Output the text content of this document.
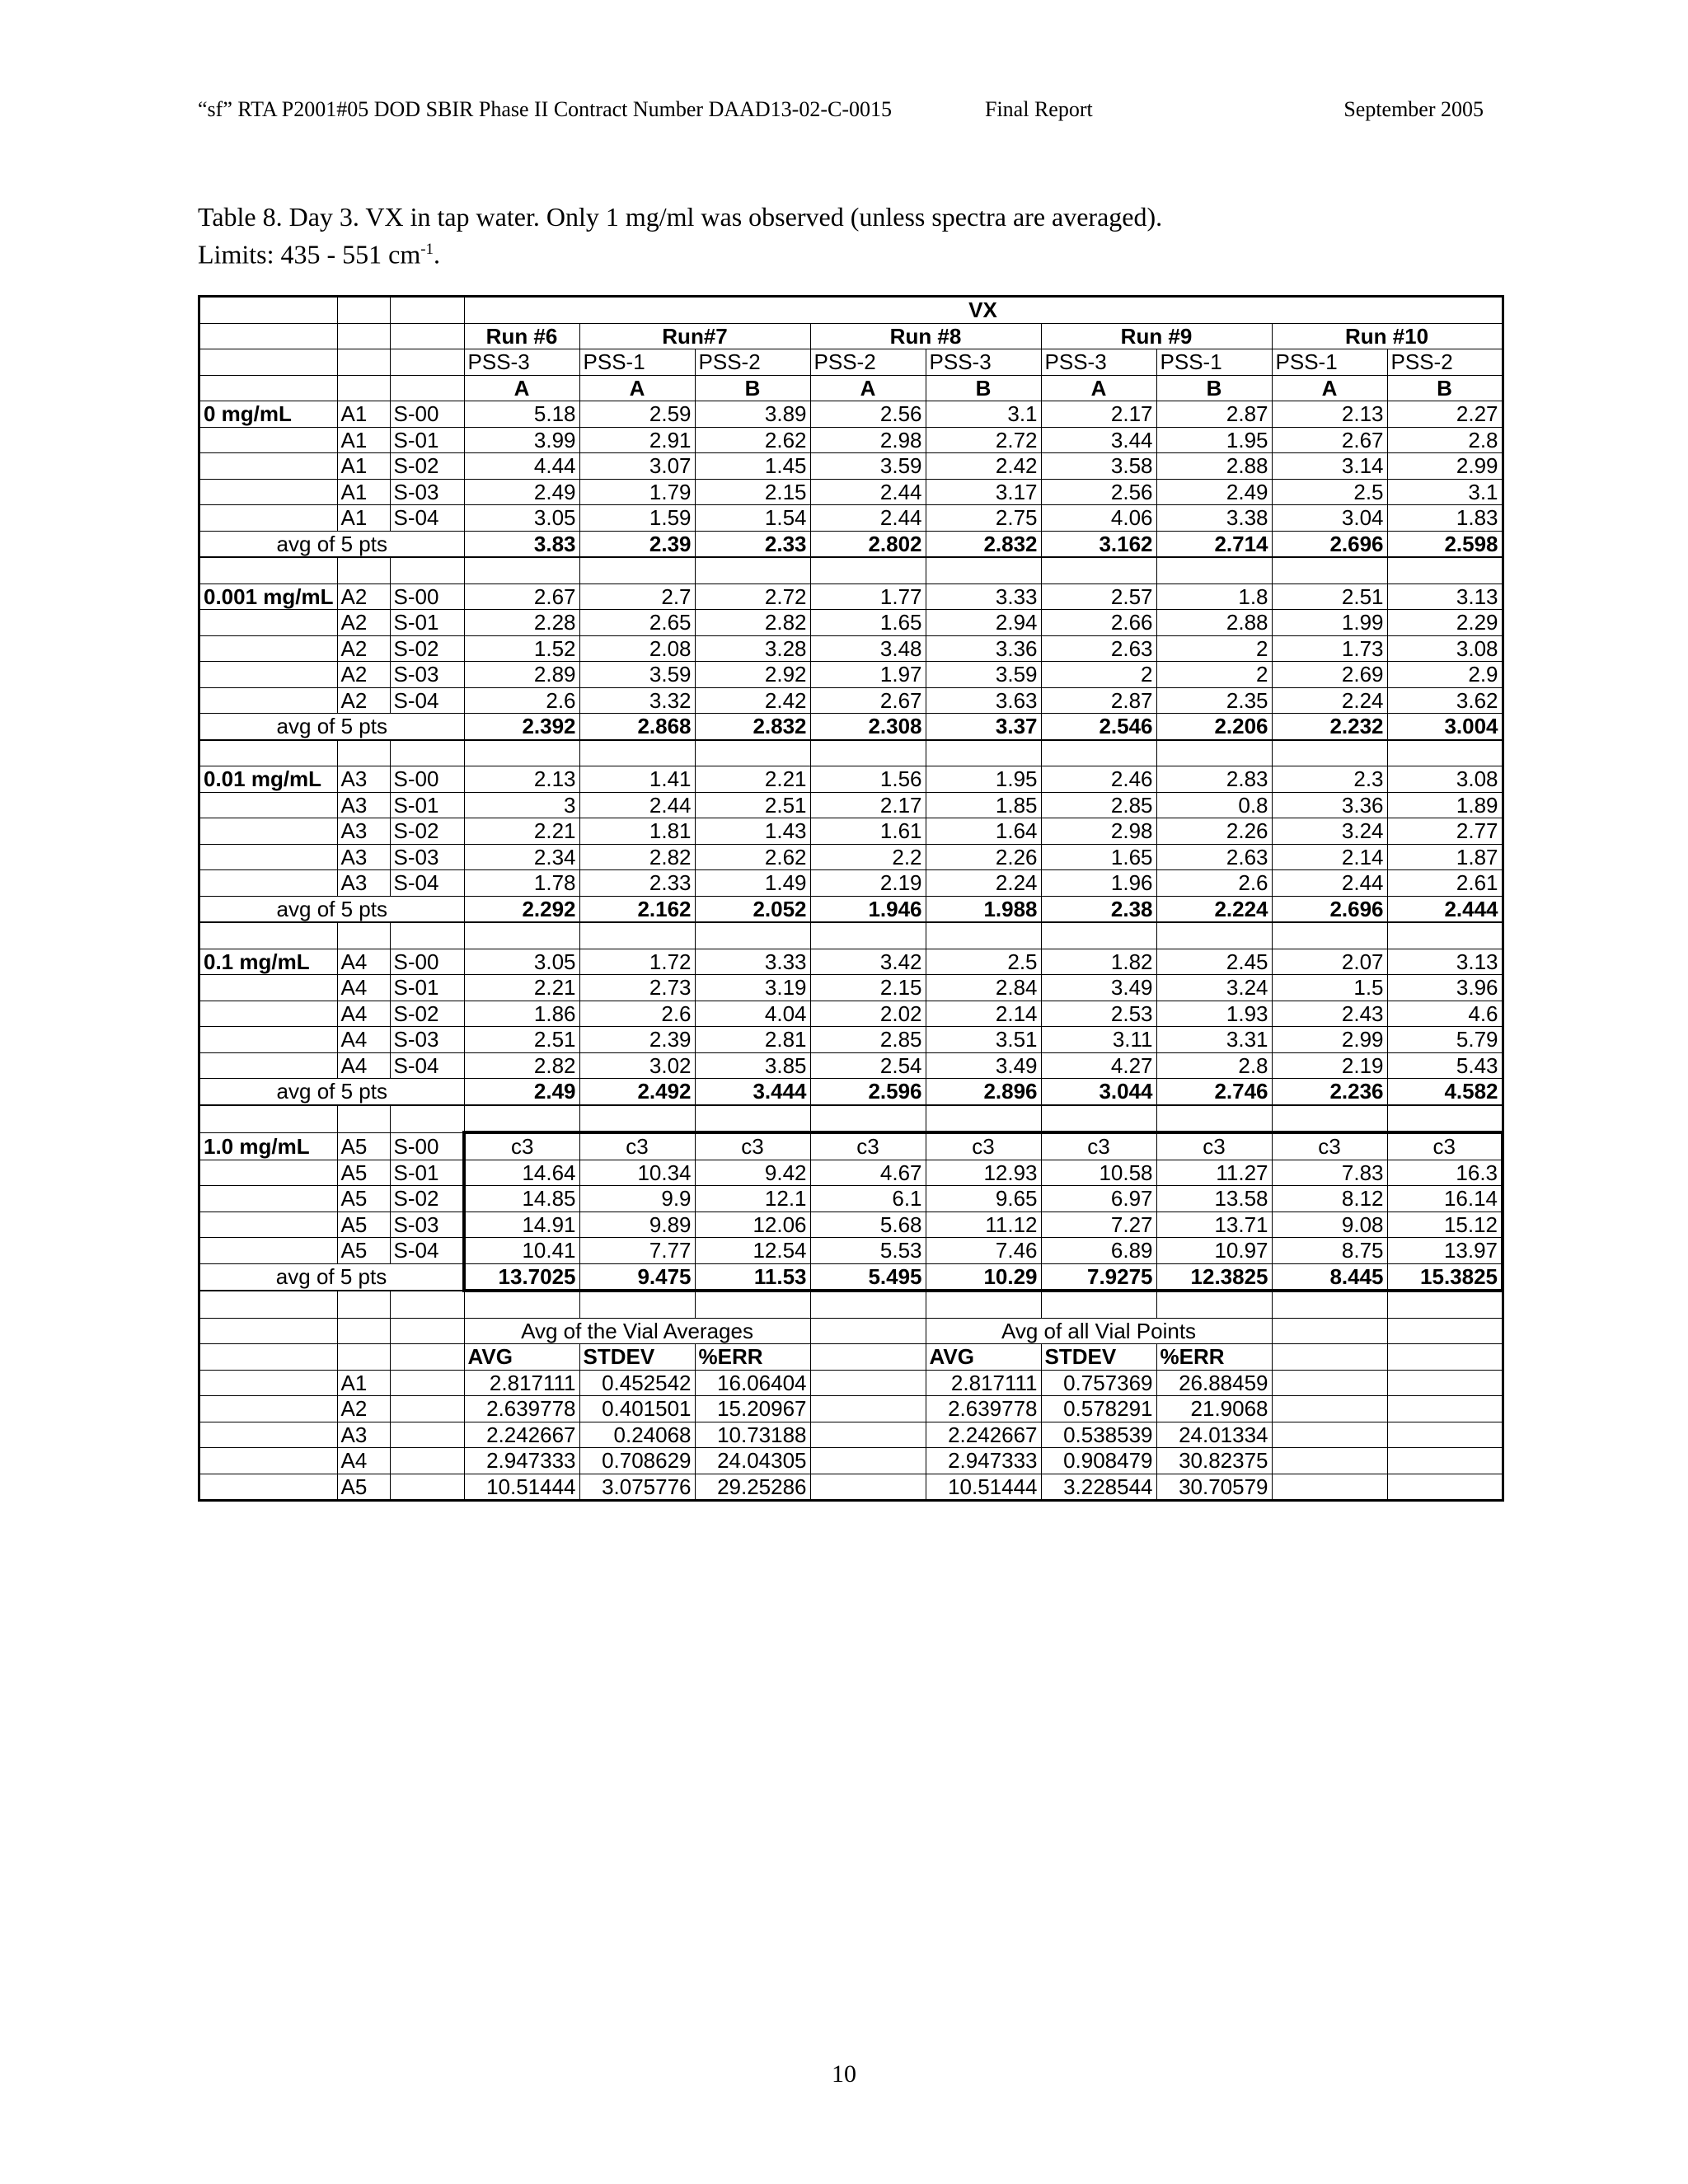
“sf” RTA P2001#05 DOD SBIR Phase II Contract Number DAAD13-02-C-0015	Final Report	September 2005
Table 8. Day 3. VX in tap water. Only 1 mg/ml was observed (unless spectra are averaged).
Limits: 435 - 551 $cm^{-1}$.
			VX								
			Run #6	Run#7		Run #8		Run #9		Run #10	
			PSS-3	PSS-1	PSS-2	PSS-2	PSS-3	PSS-3	PSS-1	PSS-1	PSS-2
			A	A	B	A	B	A	B	A	B
0 mg/mL	A1	S-00	5.18	2.59	3.89	2.56	3.1	2.17	2.87	2.13	2.27
	A1	S-01	3.99	2.91	2.62	2.98	2.72	3.44	1.95	2.67	2.8
	A1	S-02	4.44	3.07	1.45	3.59	2.42	3.58	2.88	3.14	2.99
	A1	S-03	2.49	1.79	2.15	2.44	3.17	2.56	2.49	2.5	3.1
	A1	S-04	3.05	1.59	1.54	2.44	2.75	4.06	3.38	3.04	1.83
avg of 5 pts			3.83	2.39	2.33	2.802	2.832	3.162	2.714	2.696	2.598

0.001 mg/mL	A2	S-00	2.67	2.7	2.72	1.77	3.33	2.57	1.8	2.51	3.13
	A2	S-01	2.28	2.65	2.82	1.65	2.94	2.66	2.88	1.99	2.29
	A2	S-02	1.52	2.08	3.28	3.48	3.36	2.63	2	1.73	3.08
	A2	S-03	2.89	3.59	2.92	1.97	3.59	2	2	2.69	2.9
	A2	S-04	2.6	3.32	2.42	2.67	3.63	2.87	2.35	2.24	3.62
avg of 5 pts			2.392	2.868	2.832	2.308	3.37	2.546	2.206	2.232	3.004

0.01 mg/mL	A3	S-00	2.13	1.41	2.21	1.56	1.95	2.46	2.83	2.3	3.08
	A3	S-01	3	2.44	2.51	2.17	1.85	2.85	0.8	3.36	1.89
	A3	S-02	2.21	1.81	1.43	1.61	1.64	2.98	2.26	3.24	2.77
	A3	S-03	2.34	2.82	2.62	2.2	2.26	1.65	2.63	2.14	1.87
	A3	S-04	1.78	2.33	1.49	2.19	2.24	1.96	2.6	2.44	2.61
avg of 5 pts			2.292	2.162	2.052	1.946	1.988	2.38	2.224	2.696	2.444

0.1 mg/mL	A4	S-00	3.05	1.72	3.33	3.42	2.5	1.82	2.45	2.07	3.13
	A4	S-01	2.21	2.73	3.19	2.15	2.84	3.49	3.24	1.5	3.96
	A4	S-02	1.86	2.6	4.04	2.02	2.14	2.53	1.93	2.43	4.6
	A4	S-03	2.51	2.39	2.81	2.85	3.51	3.11	3.31	2.99	5.79
	A4	S-04	2.82	3.02	3.85	2.54	3.49	4.27	2.8	2.19	5.43
avg of 5 pts			2.49	2.492	3.444	2.596	2.896	3.044	2.746	2.236	4.582

1.0 mg/mL	A5	S-00	c3	c3	c3	c3	c3	c3	c3	c3	c3
	A5	S-01	14.64	10.34	9.42	4.67	12.93	10.58	11.27	7.83	16.3
	A5	S-02	14.85	9.9	12.1	6.1	9.65	6.97	13.58	8.12	16.14
	A5	S-03	14.91	9.89	12.06	5.68	11.12	7.27	13.71	9.08	15.12
	A5	S-04	10.41	7.77	12.54	5.53	7.46	6.89	10.97	8.75	13.97
avg of 5 pts			13.7025	9.475	11.53	5.495	10.29	7.9275	12.3825	8.445	15.3825

			Avg of the Vial Averages				Avg of all Vial Points				
			AVG	STDEV	%ERR		AVG	STDEV	%ERR		
	A1		2.817111	0.452542	16.06404		2.817111	0.757369	26.88459		
	A2		2.639778	0.401501	15.20967		2.639778	0.578291	21.9068		
	A3		2.242667	0.24068	10.73188		2.242667	0.538539	24.01334		
	A4		2.947333	0.708629	24.04305		2.947333	0.908479	30.82375		
	A5		10.51444	3.075776	29.25286		10.51444	3.228544	30.70579		
10
